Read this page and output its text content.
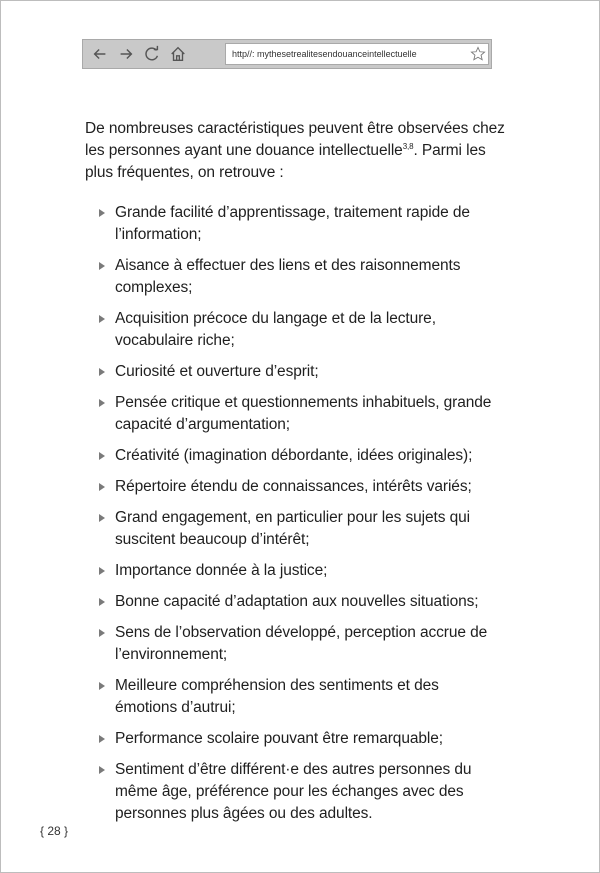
http//: mythesetrealitesendouanceintellectuelle

De nombreuses caractéristiques peuvent être observées chez les personnes ayant une douance intellectuelle$^{3,8}$. Parmi les plus fréquentes, on retrouve :

Grande facilité d’apprentissage, traitement rapide de l’information;
Aisance à effectuer des liens et des raisonnements complexes;
Acquisition précoce du langage et de la lecture, vocabulaire riche;
Curiosité et ouverture d’esprit;
Pensée critique et questionnements inhabituels, grande capacité d’argumentation;
Créativité (imagination débordante, idées originales);
Répertoire étendu de connaissances, intérêts variés;
Grand engagement, en particulier pour les sujets qui suscitent beaucoup d’intérêt;
Importance donnée à la justice;
Bonne capacité d’adaptation aux nouvelles situations;
Sens de l’observation développé, perception accrue de l’environnement;
Meilleure compréhension des sentiments et des émotions d’autrui;
Performance scolaire pouvant être remarquable;
Sentiment d’être différent·e des autres personnes du même âge, préférence pour les échanges avec des personnes plus âgées ou des adultes.
{ 28 }
